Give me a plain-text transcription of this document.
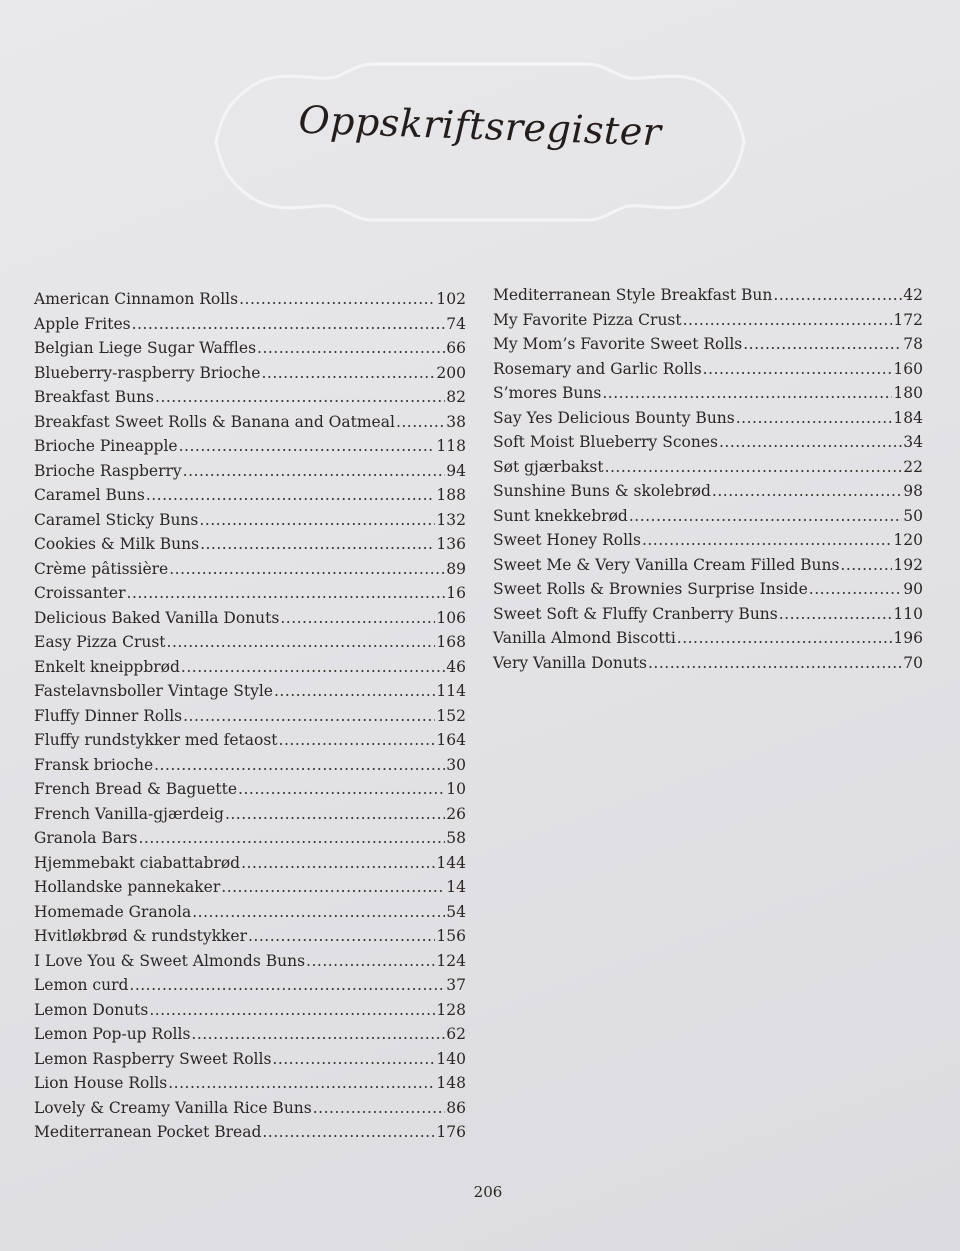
Oppskriftsregister
American Cinnamon Rolls .....	102
Apple Frites .....	74
Belgian Liege Sugar Waffles .....	66
Blueberry-raspberry Brioche .....	200
Breakfast Buns .....	82
Breakfast Sweet Rolls & Banana and Oatmeal .....	38
Brioche Pineapple .....	118
Brioche Raspberry .....	94
Caramel Buns .....	188
Caramel Sticky Buns .....	132
Cookies & Milk Buns .....	136
Crème pâtissière .....	89
Croissanter .....	16
Delicious Baked Vanilla Donuts .....	106
Easy Pizza Crust .....	168
Enkelt kneippbrød .....	46
Fastelavnsboller Vintage Style .....	114
Fluffy Dinner Rolls .....	152
Fluffy rundstykker med fetaost .....	164
Fransk brioche .....	30
French Bread & Baguette .....	10
French Vanilla-gjærdeig .....	26
Granola Bars .....	58
Hjemmebakt ciabattabrød .....	144
Hollandske pannekaker .....	14
Homemade Granola .....	54
Hvitløkbrød & rundstykker .....	156
I Love You & Sweet Almonds Buns .....	124
Lemon curd .....	37
Lemon Donuts .....	128
Lemon Pop-up Rolls .....	62
Lemon Raspberry Sweet Rolls .....	140
Lion House Rolls .....	148
Lovely & Creamy Vanilla Rice Buns .....	86
Mediterranean Pocket Bread .....	176
Mediterranean Style Breakfast Bun .....	42
My Favorite Pizza Crust .....	172
My Mom’s Favorite Sweet Rolls .....	78
Rosemary and Garlic Rolls .....	160
S’mores Buns .....	180
Say Yes Delicious Bounty Buns .....	184
Soft Moist Blueberry Scones .....	34
Søt gjærbakst .....	22
Sunshine Buns & skolebrød .....	98
Sunt knekkebrød .....	50
Sweet Honey Rolls .....	120
Sweet Me & Very Vanilla Cream Filled Buns .....	192
Sweet Rolls & Brownies Surprise Inside .....	90
Sweet Soft & Fluffy Cranberry Buns .....	110
Vanilla Almond Biscotti .....	196
Very Vanilla Donuts .....	70
206
